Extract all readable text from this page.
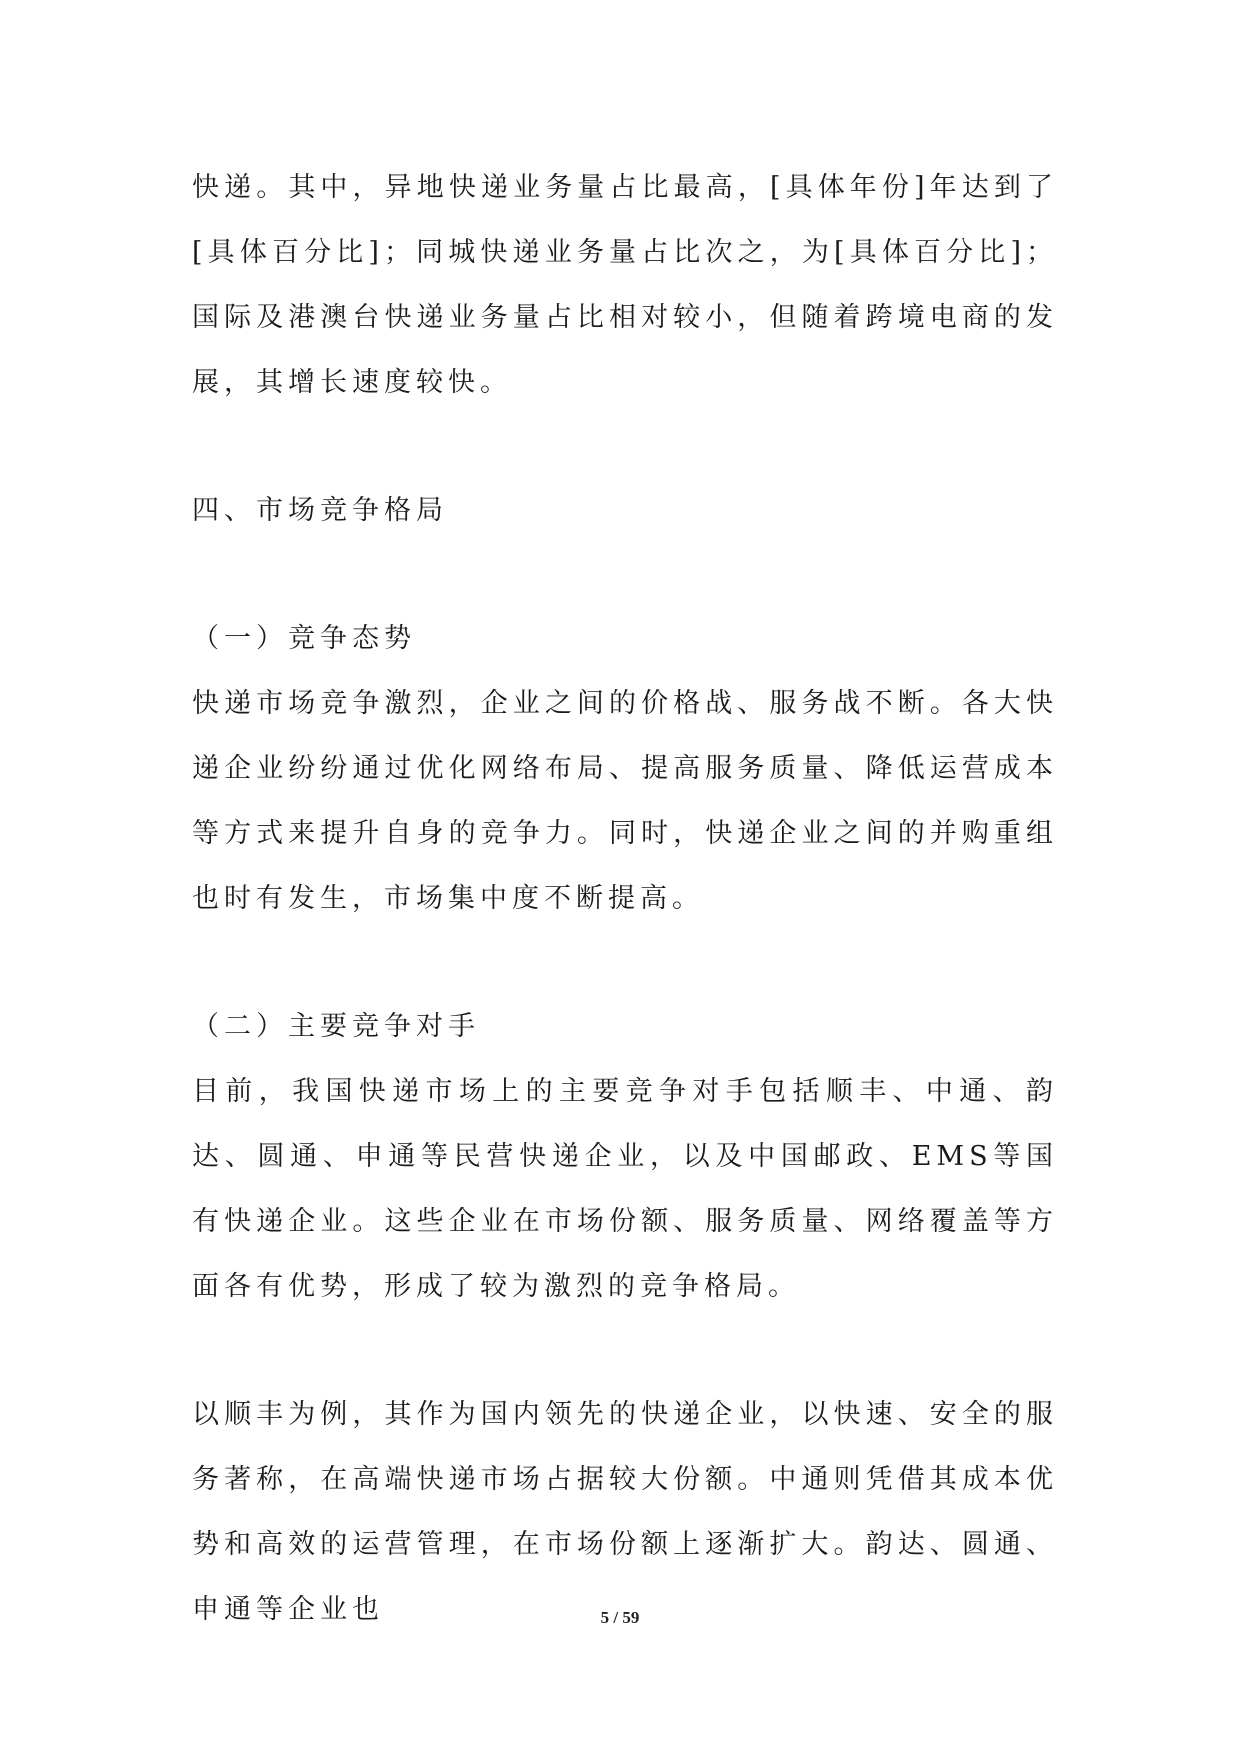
快递。其中，异地快递业务量占比最高，[具体年份]年达到了[具体百分比]；同城快递业务量占比次之，为[具体百分比]；国际及港澳台快递业务量占比相对较小，但随着跨境电商的发展，其增长速度较快。

四、市场竞争格局
（一）竞争态势

快递市场竞争激烈，企业之间的价格战、服务战不断。各大快递企业纷纷通过优化网络布局、提高服务质量、降低运营成本等方式来提升自身的竞争力。同时，快递企业之间的并购重组也时有发生，市场集中度不断提高。

（二）主要竞争对手

目前，我国快递市场上的主要竞争对手包括顺丰、中通、韵达、圆通、申通等民营快递企业，以及中国邮政、EMS等国有快递企业。这些企业在市场份额、服务质量、网络覆盖等方面各有优势，形成了较为激烈的竞争格局。

以顺丰为例，其作为国内领先的快递企业，以快速、安全的服务著称，在高端快递市场占据较大份额。中通则凭借其成本优势和高效的运营管理，在市场份额上逐渐扩大。韵达、圆通、申通等企业也	5 / 59
